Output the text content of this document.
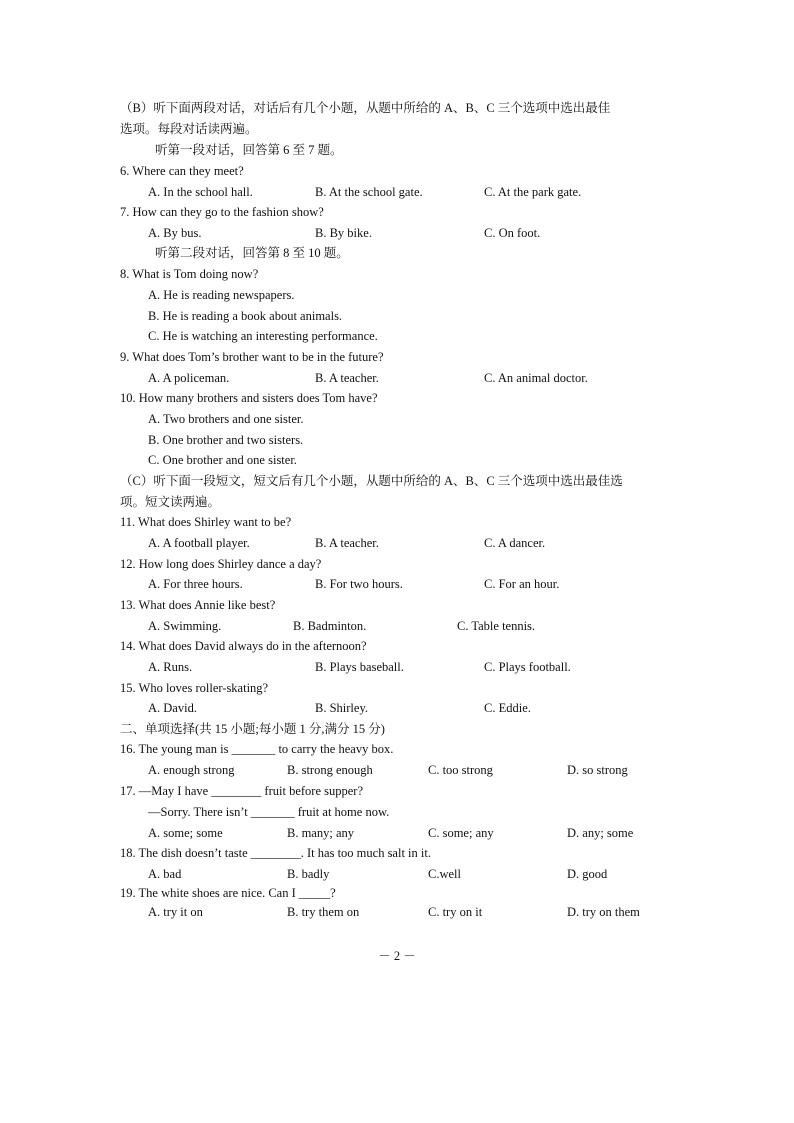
（B）听下面两段对话，对话后有几个小题，从题中所给的 A、B、C 三个选项中选出最佳
选项。每段对话读两遍。
听第一段对话，回答第 6 至 7 题。
6. Where can they meet?
A. In the school hall.	B. At the school gate.	C. At the park gate.
7. How can they go to the fashion show?
A. By bus.	B. By bike.	C. On foot.
听第二段对话，回答第 8 至 10 题。
8. What is Tom doing now?
A. He is reading newspapers.
B. He is reading a book about animals.
C. He is watching an interesting performance.
9. What does Tom’s brother want to be in the future?
A. A policeman.	B. A teacher.	C. An animal doctor.
10. How many brothers and sisters does Tom have?
A. Two brothers and one sister.
B. One brother and two sisters.
C. One brother and one sister.
（C）听下面一段短文，短文后有几个小题，从题中所给的 A、B、C 三个选项中选出最佳选
项。短文读两遍。
11. What does Shirley want to be?
A. A football player.	B. A teacher.	C. A dancer.
12. How long does Shirley dance a day?
A. For three hours.	B. For two hours.	C. For an hour.
13. What does Annie like best?
A. Swimming.	B. Badminton.	C. Table tennis.
14. What does David always do in the afternoon?
A. Runs.	B. Plays baseball.	C. Plays football.
15. Who loves roller-skating?
A. David.	B. Shirley.	C. Eddie.
二、单项选择(共 15 小题;每小题 1 分,满分 15 分)
16. The young man is _______ to carry the heavy box.
A. enough strong	B. strong enough	C. too strong	D. so strong
17. —May I have ________ fruit before supper?
—Sorry. There isn’t _______ fruit at home now.
A. some; some	B. many; any	C. some; any	D. any; some
18. The dish doesn’t taste ________. It has too much salt in it.
A. bad	B. badly	C.well	D. good
19. The white shoes are nice. Can I _____?
A. try it on	B. try them on	C. try on it	D. try on them
－ 2 －
